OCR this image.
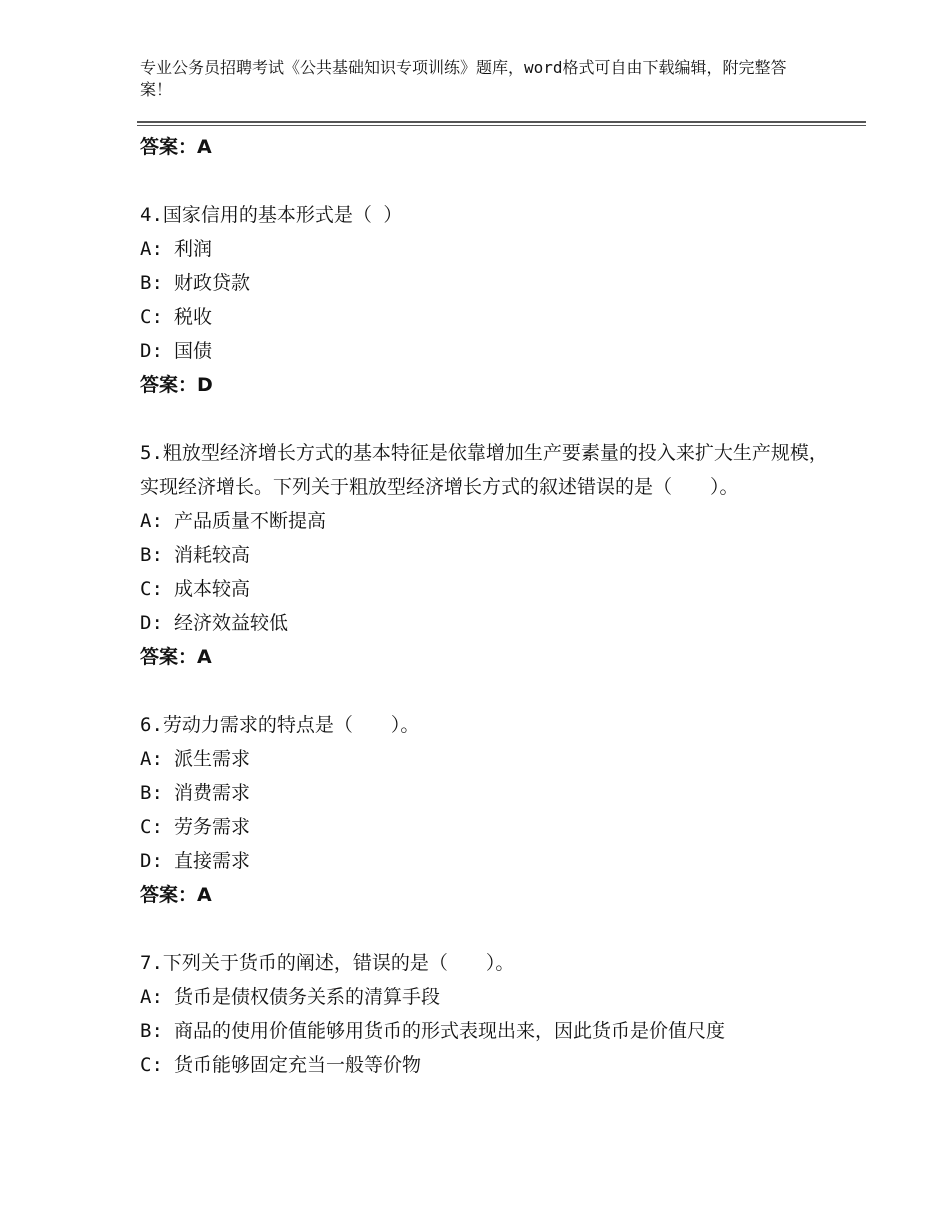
专业公务员招聘考试《公共基础知识专项训练》题库，word格式可自由下载编辑，附完整答案！
答案：A
4.国家信用的基本形式是（ ）
A: 利润
B: 财政贷款
C: 税收
D: 国债
答案：D
5.粗放型经济增长方式的基本特征是依靠增加生产要素量的投入来扩大生产规模，实现经济增长。下列关于粗放型经济增长方式的叙述错误的是（　　）。
A: 产品质量不断提高
B: 消耗较高
C: 成本较高
D: 经济效益较低
答案：A
6.劳动力需求的特点是（　　）。
A: 派生需求
B: 消费需求
C: 劳务需求
D: 直接需求
答案：A
7.下列关于货币的阐述，错误的是（　　）。
A: 货币是债权债务关系的清算手段
B: 商品的使用价值能够用货币的形式表现出来，因此货币是价值尺度
C: 货币能够固定充当一般等价物
